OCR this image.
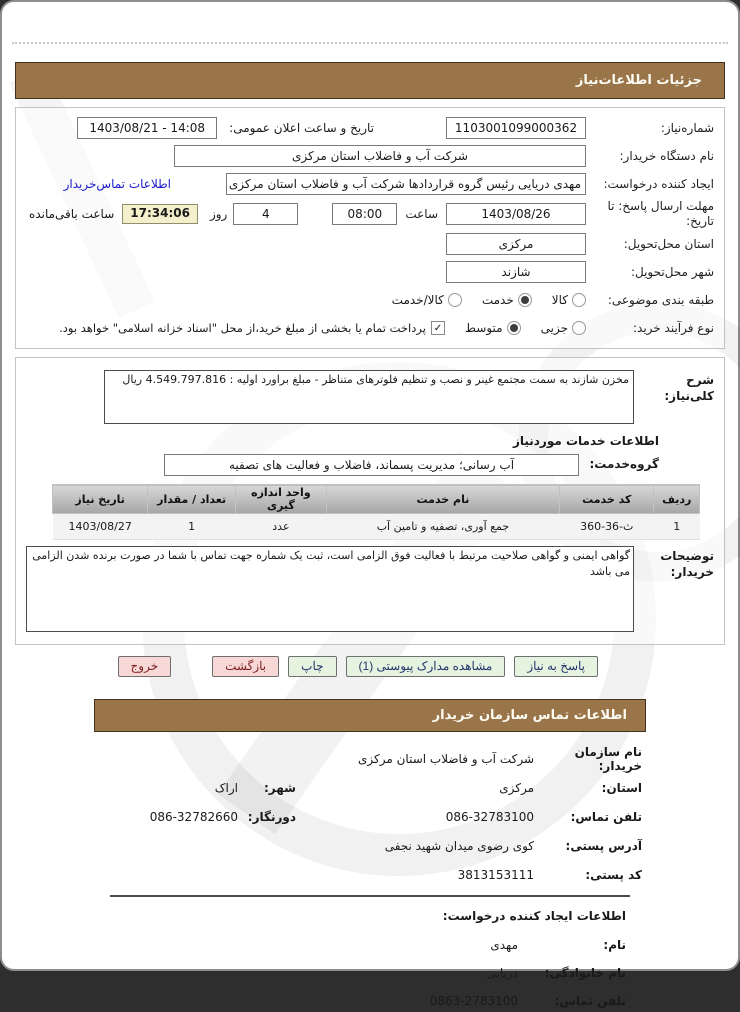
جزئیات اطلاعات‌نیاز
شماره‌نیاز:
1103001099000362
تاریخ و ساعت اعلان عمومی:
1403/08/21 - 14:08
نام دستگاه خریدار:
شرکت آب و فاضلاب استان مرکزی
ایجاد کننده درخواست:
مهدی دریایی رئیس گروه قراردادها شرکت آب و فاضلاب استان مرکزی
اطلاعات تماس‌خریدار
مهلت ارسال پاسخ: تا تاریخ:
1403/08/26
ساعت
08:00
4
روز
17:34:06
ساعت باقی‌مانده
استان محل‌تحویل:
مرکزی
شهر محل‌تحویل:
شازند
طبقه بندی موضوعی:
کالا
خدمت
کالا/خدمت
نوع فرآیند خرید:
جزیی
متوسط
✓
پرداخت تمام یا بخشی از مبلغ خرید،از محل "اسناد خزانه اسلامی" خواهد بود.
شرح کلی‌نیاز:
مخزن شازند به سمت مجتمع غینر و نصب و تنظیم فلوترهای متناظر - مبلغ براورد اولیه : 4.549.797.816 ریال
اطلاعات خدمات موردنیاز
گروه‌خدمت:
آب رسانی؛ مدیریت پسماند، فاضلاب و فعالیت های تصفیه
ردیف	کد خدمت	نام خدمت	واحد اندازه گیری	تعداد / مقدار	تاریخ نیاز
1	ث-36-360	جمع آوری، تصفیه و تامین آب	عدد	1	1403/08/27
توضیحات خریدار:
گواهی ایمنی و گواهی صلاحیت مرتبط با فعالیت فوق الزامی است، ثبت یک شماره جهت تماس با شما در صورت برنده شدن الزامی می باشد
پاسخ به نیاز
مشاهده مدارک پیوستی (1)
چاپ
بازگشت
خروج
اطلاعات تماس سازمان خریدار
نام سازمان خریدار:
شرکت آب و فاضلاب استان مرکزی
استان:
مرکزی
شهر:
اراک
تلفن تماس:
086-32783100
دورنگار:
086-32782660
آدرس پستی:
کوی رضوی میدان شهید نجفی
کد پستی:
3813153111
اطلاعات ایجاد کننده درخواست:
نام:
مهدی
نام خانوادگی:
دریایی
تلفن تماس:
0863-2783100
